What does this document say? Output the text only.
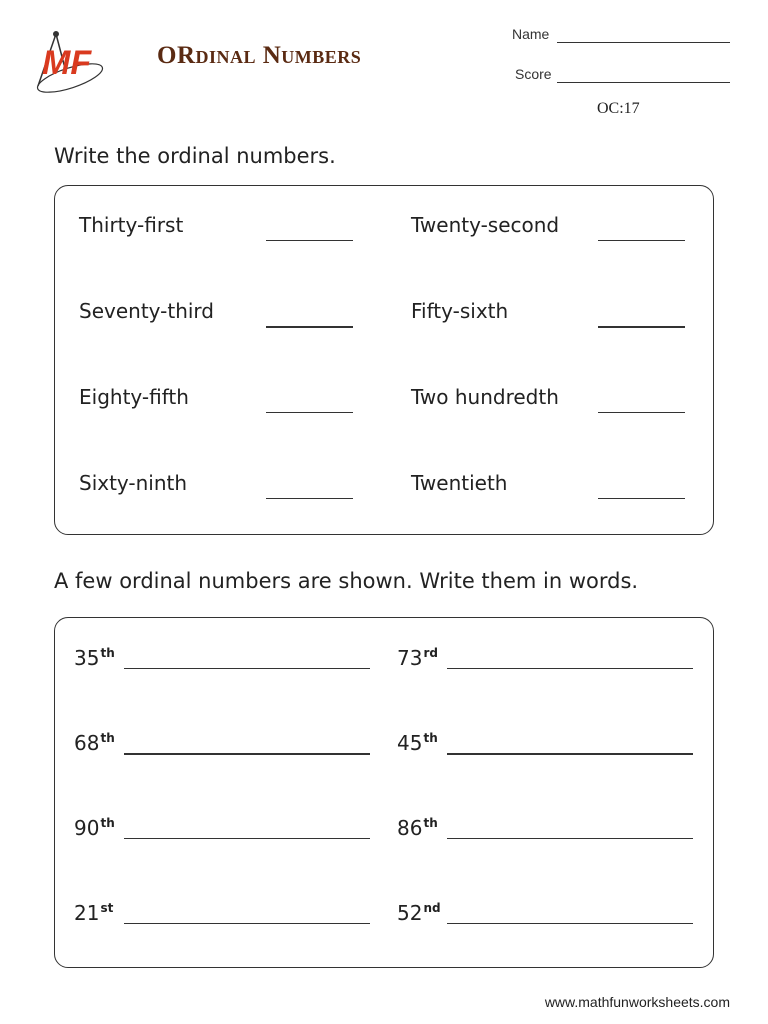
MF	ORdinal Numbers
Name
Score
OC:17
Write the ordinal numbers.
Thirty-first	Twenty-second
Seventy-third	Fifty-sixth
Eighty-fifth	Two hundredth
Sixty-ninth	Twentieth
A few ordinal numbers are shown. Write them in words.
35th	73rd
68th	45th
90th	86th
21st	52nd
www.mathfunworksheets.com
